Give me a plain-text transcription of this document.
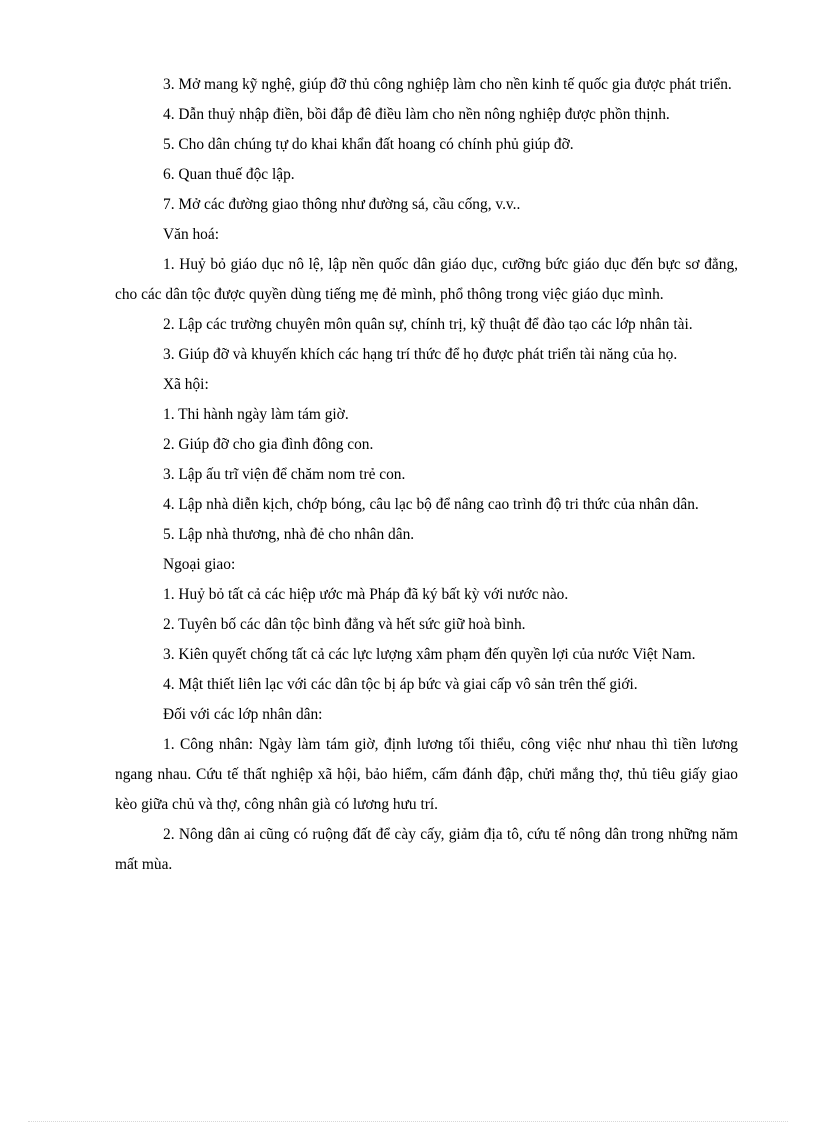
3. Mở mang kỹ nghệ, giúp đỡ thủ công nghiệp làm cho nền kinh tế quốc gia được phát triển.

4. Dẫn thuỷ nhập điền, bồi đắp đê điều làm cho nền nông nghiệp được phồn thịnh.

5. Cho dân chúng tự do khai khẩn đất hoang có chính phủ giúp đỡ.

6. Quan thuế độc lập.

7. Mở các đường giao thông như đường sá, cầu cống, v.v..

Văn hoá:

1. Huỷ bỏ giáo dục nô lệ, lập nền quốc dân giáo dục, cưỡng bức giáo dục đến bực sơ đẳng, cho các dân tộc được quyền dùng tiếng mẹ đẻ mình, phổ thông trong việc giáo dục mình.

2. Lập các trường chuyên môn quân sự, chính trị, kỹ thuật để đào tạo các lớp nhân tài.

3. Giúp đỡ và khuyến khích các hạng trí thức để họ được phát triển tài năng của họ.

Xã hội:

1. Thi hành ngày làm tám giờ.

2. Giúp đỡ cho gia đình đông con.

3. Lập ấu trĩ viện để chăm nom trẻ con.

4. Lập nhà diễn kịch, chớp bóng, câu lạc bộ để nâng cao trình độ tri thức của nhân dân.

5. Lập nhà thương, nhà đẻ cho nhân dân.

Ngoại giao:

1. Huỷ bỏ tất cả các hiệp ước mà Pháp đã ký bất kỳ với nước nào.

2. Tuyên bố các dân tộc bình đẳng và hết sức giữ hoà bình.

3. Kiên quyết chống tất cả các lực lượng xâm phạm đến quyền lợi của nước Việt Nam.

4. Mật thiết liên lạc với các dân tộc bị áp bức và giai cấp vô sản trên thế giới.

Đối với các lớp nhân dân:

1. Công nhân: Ngày làm tám giờ, định lương tối thiểu, công việc như nhau thì tiền lương ngang nhau. Cứu tế thất nghiệp xã hội, bảo hiểm, cấm đánh đập, chửi mắng thợ, thủ tiêu giấy giao kèo giữa chủ và thợ, công nhân già có lương hưu trí.

2. Nông dân ai cũng có ruộng đất để cày cấy, giảm địa tô, cứu tế nông dân trong những năm mất mùa.
